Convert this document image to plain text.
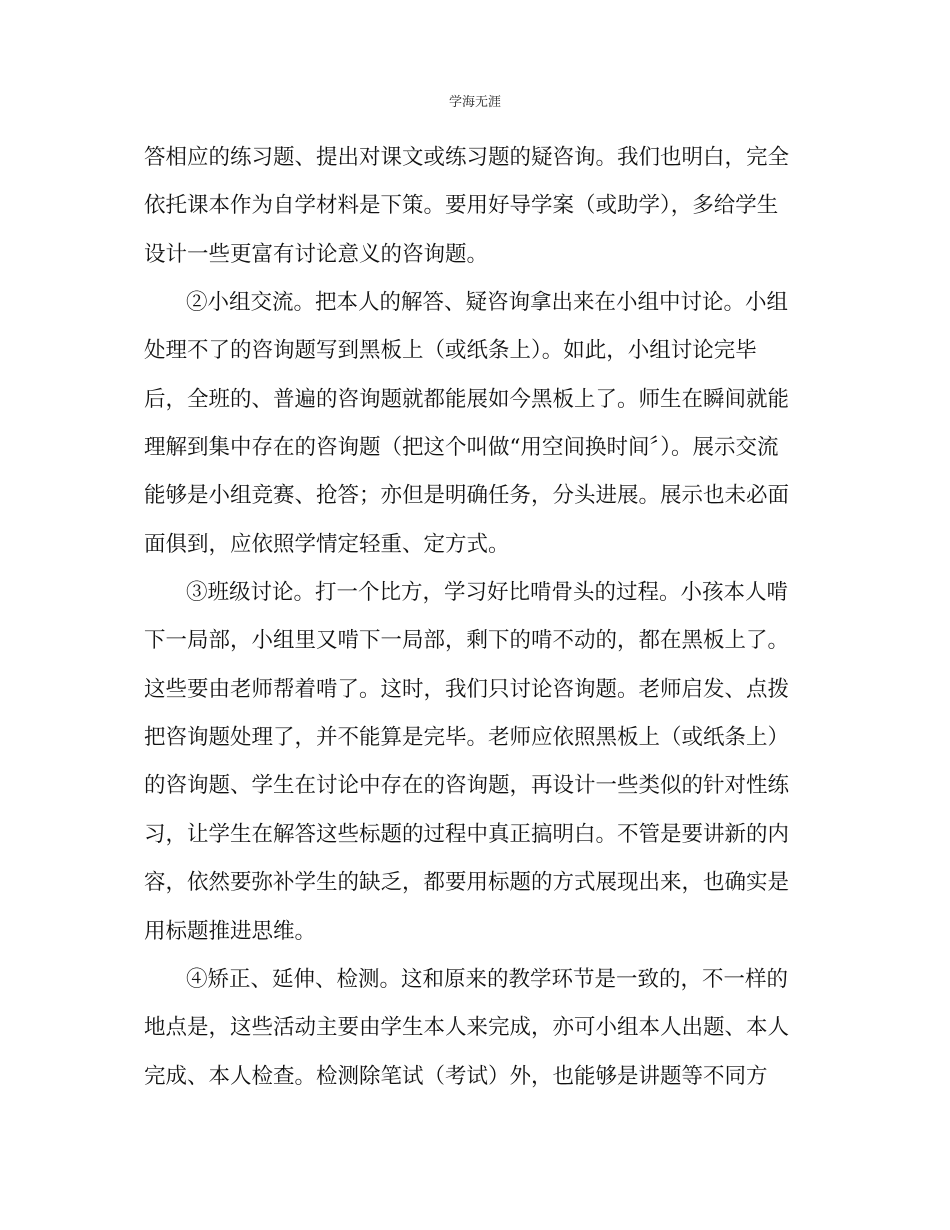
学海无涯
答相应的练习题、提出对课文或练习题的疑咨询。我们也明白，完全
依托课本作为自学材料是下策。要用好导学案（或助学），多给学生
设计一些更富有讨论意义的咨询题。
②小组交流。把本人的解答、疑咨询拿出来在小组中讨论。小组
处理不了的咨询题写到黑板上（或纸条上）。如此，小组讨论完毕
后，全班的、普遍的咨询题就都能展如今黑板上了。师生在瞬间就能
理解到集中存在的咨询题（把这个叫做“用空间换时间〞）。展示交流
能够是小组竞赛、抢答；亦但是明确任务，分头进展。展示也未必面
面俱到，应依照学情定轻重、定方式。
③班级讨论。打一个比方，学习好比啃骨头的过程。小孩本人啃
下一局部，小组里又啃下一局部，剩下的啃不动的，都在黑板上了。
这些要由老师帮着啃了。这时，我们只讨论咨询题。老师启发、点拨
把咨询题处理了，并不能算是完毕。老师应依照黑板上（或纸条上）
的咨询题、学生在讨论中存在的咨询题，再设计一些类似的针对性练
习，让学生在解答这些标题的过程中真正搞明白。不管是要讲新的内
容，依然要弥补学生的缺乏，都要用标题的方式展现出来，也确实是
用标题推进思维。
④矫正、延伸、检测。这和原来的教学环节是一致的，不一样的
地点是，这些活动主要由学生本人来完成，亦可小组本人出题、本人
完成、本人检查。检测除笔试（考试）外，也能够是讲题等不同方
